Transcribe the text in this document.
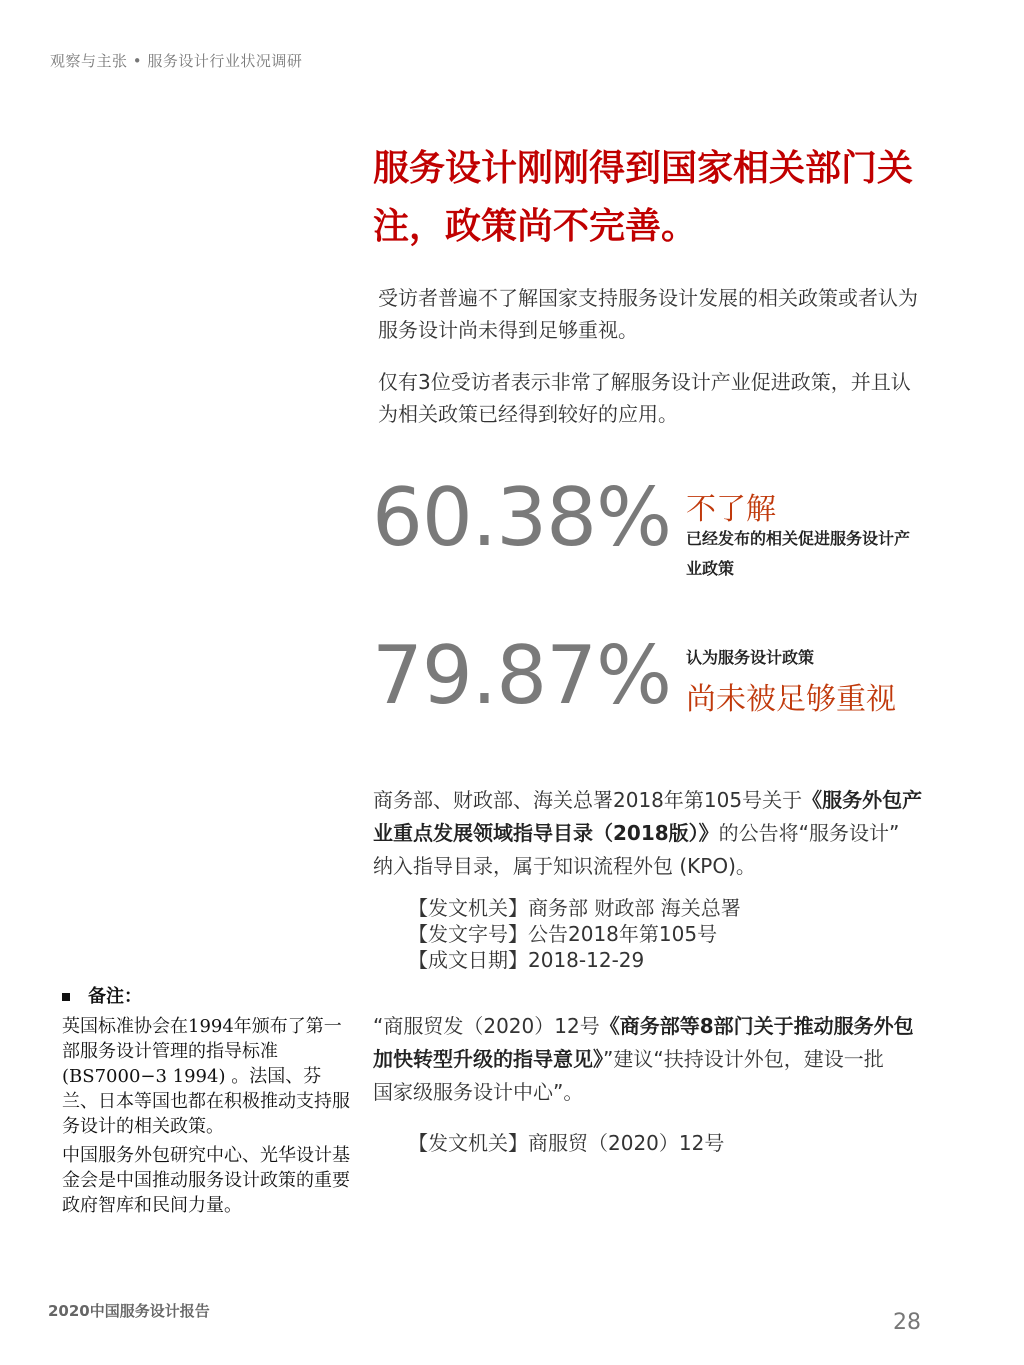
观察与主张 • 服务设计行业状况调研
服务设计刚刚得到国家相关部门关
注，政策尚不完善。

受访者普遍不了解国家支持服务设计发展的相关政策或者认为
服务设计尚未得到足够重视。

仅有3位受访者表示非常了解服务设计产业促进政策，并且认
为相关政策已经得到较好的应用。

60.38% 不了解
已经发布的相关促进服务设计产
业政策
79.87% 认为服务设计政策
尚未被足够重视

商务部、财政部、海关总署2018年第105号关于《服务外包产
业重点发展领域指导目录（2018版）》的公告将“服务设计”
纳入指导目录，属于知识流程外包 (KPO)。

【发文机关】商务部 财政部 海关总署
【发文字号】公告2018年第105号
【成文日期】2018-12-29

“商服贸发（2020）12号《商务部等8部门关于推动服务外包
加快转型升级的指导意见》”建议“扶持设计外包，建设一批
国家级服务设计中心”。

【发文机关】商服贸（2020）12号
备注：

英国标准协会在1994年颁布了第一部服务设计管理的指导标准 (BS7000−3 1994) 。法国、芬兰、日本等国也都在积极推动支持服务设计的相关政策。

中国服务外包研究中心、光华设计基金会是中国推动服务设计政策的重要政府智库和民间力量。

2020中国服务设计报告	28
